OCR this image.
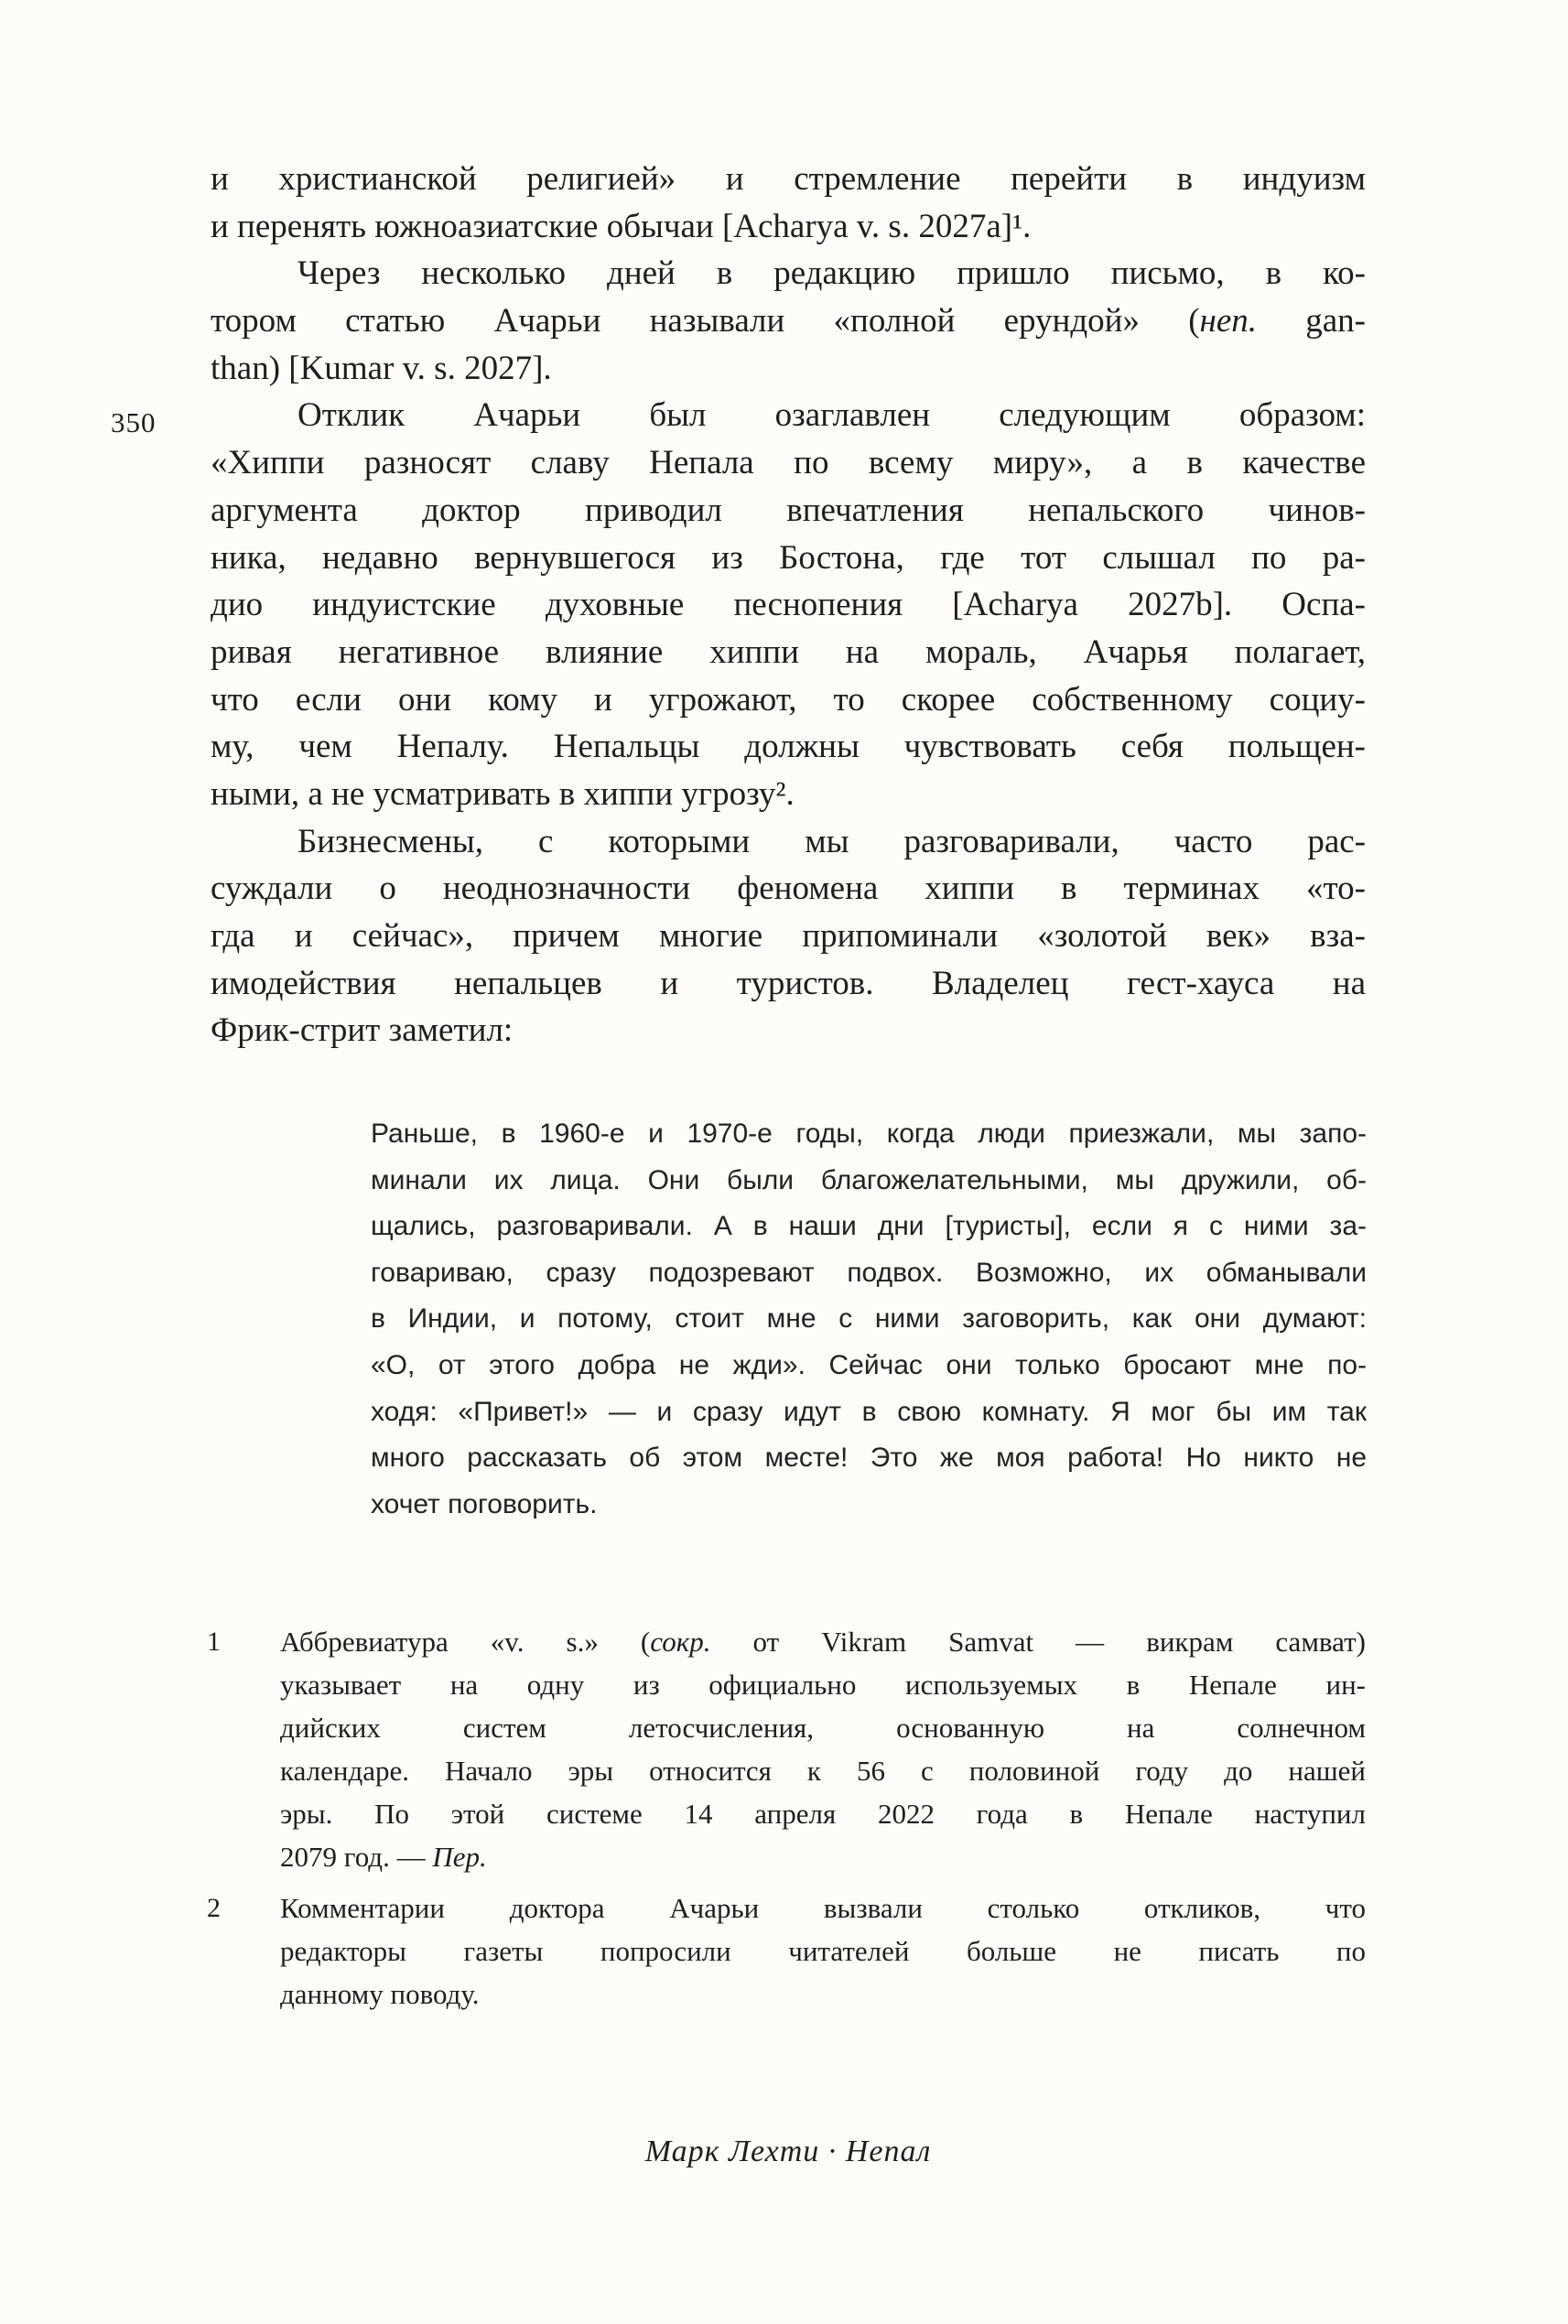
350
и христианской религией» и стремление перейти в индуизм
и перенять южноазиатские обычаи [Acharya v. s. 2027a]¹.
Через несколько дней в редакцию пришло письмо, в ко-
тором статью Ачарьи называли «полной ерундой» (неп. gan-
than) [Kumar v. s. 2027].
Отклик Ачарьи был озаглавлен следующим образом:
«Хиппи разносят славу Непала по всему миру», а в качестве
аргумента доктор приводил впечатления непальского чинов-
ника, недавно вернувшегося из Бостона, где тот слышал по ра-
дио индуистские духовные песнопения [Acharya 2027b]. Оспа-
ривая негативное влияние хиппи на мораль, Ачарья полагает,
что если они кому и угрожают, то скорее собственному социу-
му, чем Непалу. Непальцы должны чувствовать себя польщен-
ными, а не усматривать в хиппи угрозу².
Бизнесмены, с которыми мы разговаривали, часто рас-
суждали о неоднозначности феномена хиппи в терминах «то-
гда и сейчас», причем многие припоминали «золотой век» вза-
имодействия непальцев и туристов. Владелец гест-хауса на
Фрик-стрит заметил:
Раньше, в 1960-е и 1970-е годы, когда люди приезжали, мы запо-
минали их лица. Они были благожелательными, мы дружили, об-
щались, разговаривали. А в наши дни [туристы], если я с ними за-
говариваю, сразу подозревают подвох. Возможно, их обманывали
в Индии, и потому, стоит мне с ними заговорить, как они думают:
«О, от этого добра не жди». Сейчас они только бросают мне по-
ходя: «Привет!» — и сразу идут в свою комнату. Я мог бы им так
много рассказать об этом месте! Это же моя работа! Но никто не
хочет поговорить.
1 Аббревиатура «v. s.» (сокр. от Vikram Samvat — викрам самват)
указывает на одну из официально используемых в Непале ин-
дийских систем летосчисления, основанную на солнечном
календаре. Начало эры относится к 56 с половиной году до нашей
эры. По этой системе 14 апреля 2022 года в Непале наступил
2079 год. — Пер.
2 Комментарии доктора Ачарьи вызвали столько откликов, что
редакторы газеты попросили читателей больше не писать по
данному поводу.
Марк Лехти · Непал
